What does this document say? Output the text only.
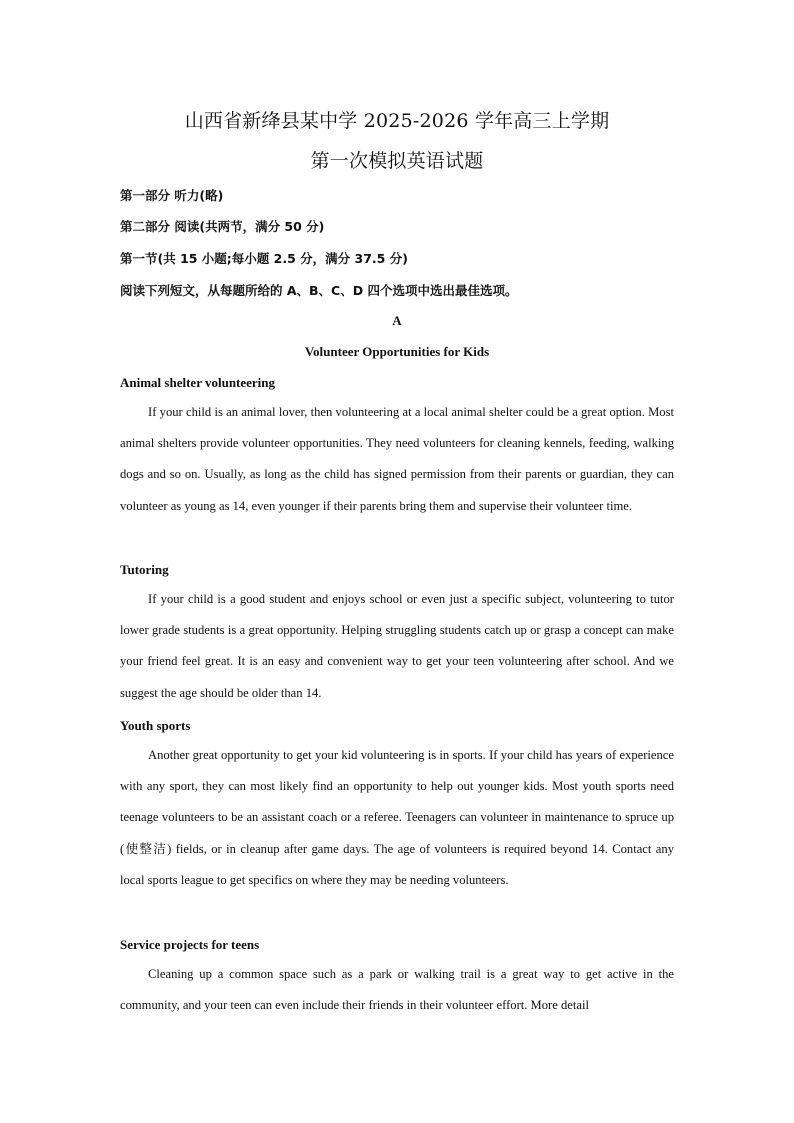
山西省新绛县某中学 2025-2026 学年高三上学期
第一次模拟英语试题
第一部分 听力(略)
第二部分 阅读(共两节，满分 50 分)
第一节(共 15 小题;每小题 2.5 分，满分 37.5 分)
阅读下列短文，从每题所给的 A、B、C、D 四个选项中选出最佳选项。
A
Volunteer Opportunities for Kids
Animal shelter volunteering

If your child is an animal lover, then volunteering at a local animal shelter could be a great option. Most animal shelters provide volunteer opportunities. They need volunteers for cleaning kennels, feeding, walking dogs and so on. Usually, as long as the child has signed permission from their parents or guardian, they can volunteer as young as 14, even younger if their parents bring them and supervise their volunteer time.

Tutoring

If your child is a good student and enjoys school or even just a specific subject, volunteering to tutor lower grade students is a great opportunity. Helping struggling students catch up or grasp a concept can make your friend feel great. It is an easy and convenient way to get your teen volunteering after school. And we suggest the age should be older than 14.

Youth sports

Another great opportunity to get your kid volunteering is in sports. If your child has years of experience with any sport, they can most likely find an opportunity to help out younger kids. Most youth sports need teenage volunteers to be an assistant coach or a referee. Teenagers can volunteer in maintenance to spruce up (使整洁) fields, or in cleanup after game days. The age of volunteers is required beyond 14. Contact any local sports league to get specifics on where they may be needing volunteers.

Service projects for teens

Cleaning up a common space such as a park or walking trail is a great way to get active in the community, and your teen can even include their friends in their volunteer effort. More detail
